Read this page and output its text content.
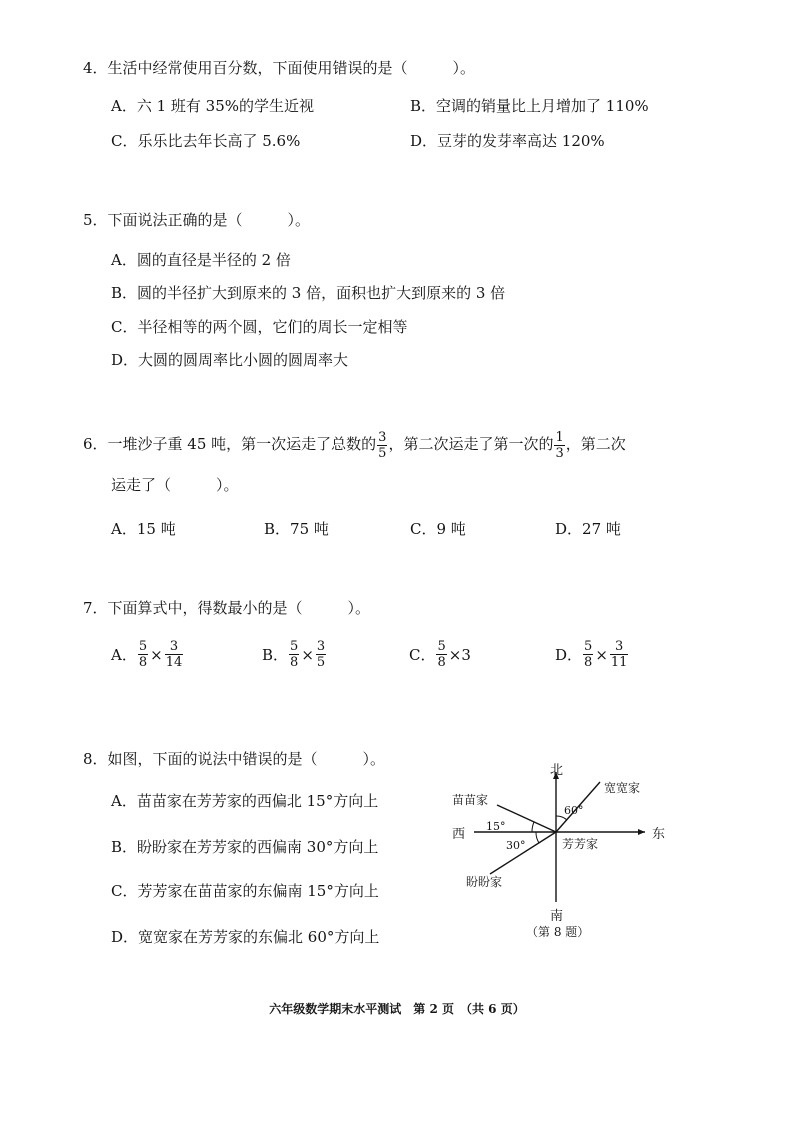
4．生活中经常使用百分数，下面使用错误的是（　　　）。
A．六 1 班有 35%的学生近视	B．空调的销量比上月增加了 110%
C．乐乐比去年长高了 5.6%	D．豆芽的发芽率高达 120%
5．下面说法正确的是（　　　）。
A．圆的直径是半径的 2 倍
B．圆的半径扩大到原来的 3 倍，面积也扩大到原来的 3 倍
C．半径相等的两个圆，它们的周长一定相等
D．大圆的圆周率比小圆的圆周率大
6．一堆沙子重 45 吨，第一次运走了总数的 $\frac{3}{5}$ ，第二次运走了第一次的 $\frac{1}{3}$ ，第二次
运走了（　　　）。
A．15 吨	B．75 吨	C．9 吨	D．27 吨
7．下面算式中，得数最小的是（　　　）。
A． $\frac{5}{8} \times \frac{3}{14}$	B． $\frac{5}{8} \times \frac{3}{5}$	C． $\frac{5}{8} \times 3$	D． $\frac{5}{8} \times \frac{3}{11}$
8．如图，下面的说法中错误的是（　　　）。
A．苗苗家在芳芳家的西偏北 15°方向上
B．盼盼家在芳芳家的西偏南 30°方向上
C．芳芳家在苗苗家的东偏南 15°方向上
D．宽宽家在芳芳家的东偏北 60°方向上
北
南
东
西
苗苗家
宽宽家
芳芳家
盼盼家
15°
30°
60°
（第 8 题）
六年级数学期末水平测试　第 2 页　（共 6 页）
